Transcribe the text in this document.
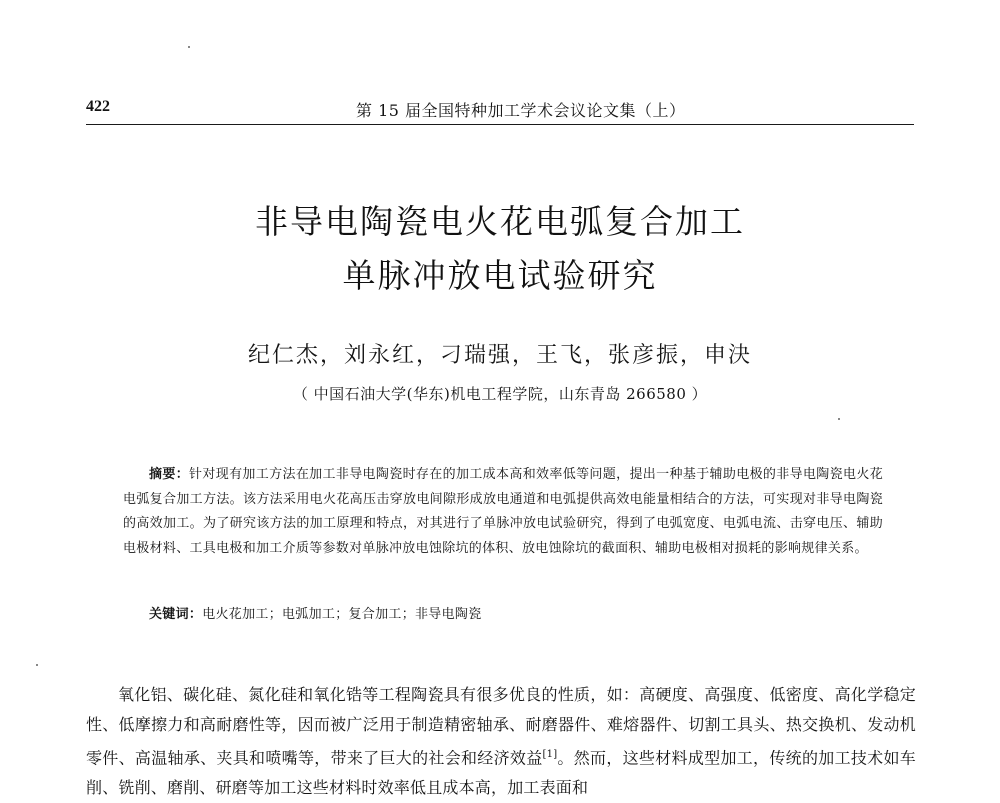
422	第 15 届全国特种加工学术会议论文集（上）
非导电陶瓷电火花电弧复合加工
单脉冲放电试验研究
纪仁杰，刘永红，刁瑞强，王飞，张彦振，申決
（ 中国石油大学(华东)机电工程学院，山东青岛 266580 ）
摘要：针对现有加工方法在加工非导电陶瓷时存在的加工成本高和效率低等问题，提出一种基于辅助电极的非导电陶瓷电火花电弧复合加工方法。该方法采用电火花高压击穿放电间隙形成放电通道和电弧提供高效电能量相结合的方法，可实现对非导电陶瓷的高效加工。为了研究该方法的加工原理和特点，对其进行了单脉冲放电试验研究，得到了电弧宽度、电弧电流、击穿电压、辅助电极材料、工具电极和加工介质等参数对单脉冲放电蚀除坑的体积、放电蚀除坑的截面积、辅助电极相对损耗的影响规律关系。
关键词：电火花加工；电弧加工；复合加工；非导电陶瓷
氧化铝、碳化硅、氮化硅和氧化锆等工程陶瓷具有很多优良的性质，如：高硬度、高强度、低密度、高化学稳定性、低摩擦力和高耐磨性等，因而被广泛用于制造精密轴承、耐磨器件、难熔器件、切割工具头、热交换机、发动机零件、高温轴承、夹具和喷嘴等，带来了巨大的社会和经济效益[1]。然而，这些材料成型加工，传统的加工技术如车削、铣削、磨削、研磨等加工这些材料时效率低且成本高，加工表面和
